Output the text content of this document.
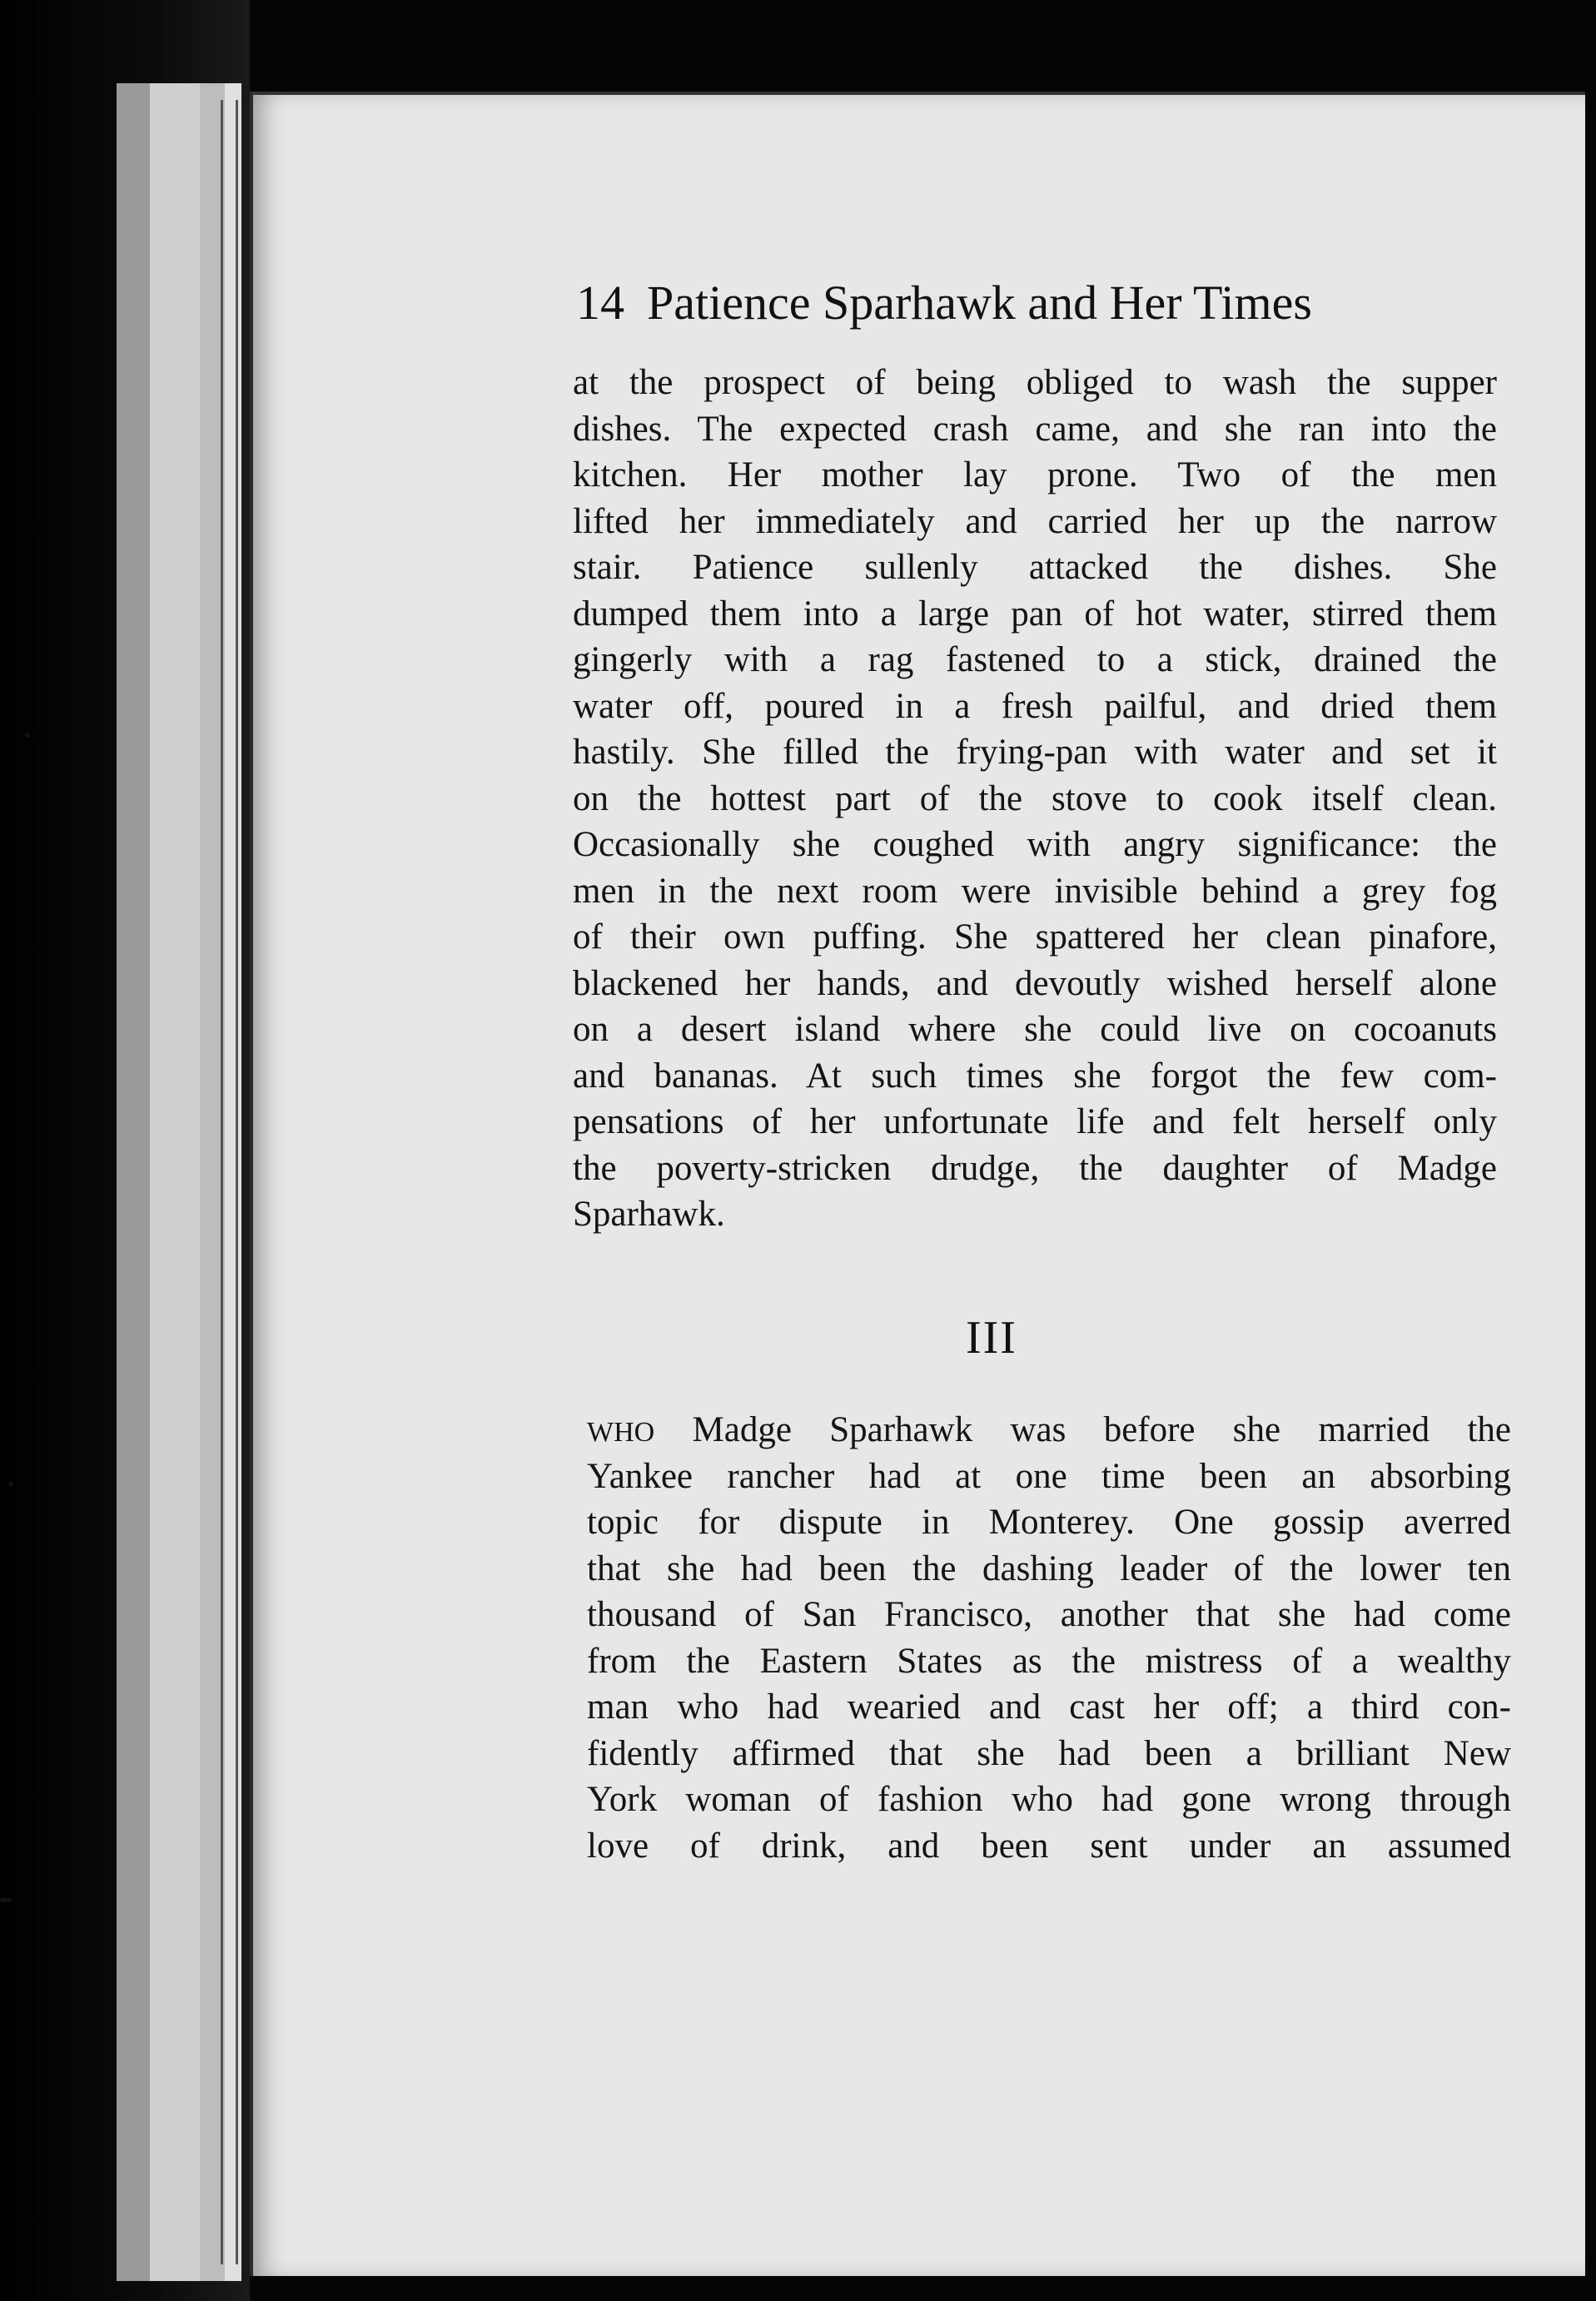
14 Patience Sparhawk and Her Times
at the prospect of being obliged to wash the supper
dishes. The expected crash came, and she ran into the
kitchen. Her mother lay prone. Two of the men
lifted her immediately and carried her up the narrow
stair. Patience sullenly attacked the dishes. She
dumped them into a large pan of hot water, stirred them
gingerly with a rag fastened to a stick, drained the
water off, poured in a fresh pailful, and dried them
hastily. She filled the frying-pan with water and set it
on the hottest part of the stove to cook itself clean.
Occasionally she coughed with angry significance: the
men in the next room were invisible behind a grey fog
of their own puffing. She spattered her clean pinafore,
blackened her hands, and devoutly wished herself alone
on a desert island where she could live on cocoanuts
and bananas. At such times she forgot the few com-
pensations of her unfortunate life and felt herself only
the poverty-stricken drudge, the daughter of Madge
Sparhawk.
III
WHO Madge Sparhawk was before she married the
Yankee rancher had at one time been an absorbing
topic for dispute in Monterey. One gossip averred
that she had been the dashing leader of the lower ten
thousand of San Francisco, another that she had come
from the Eastern States as the mistress of a wealthy
man who had wearied and cast her off; a third con-
fidently affirmed that she had been a brilliant New
York woman of fashion who had gone wrong through
love of drink, and been sent under an assumed
